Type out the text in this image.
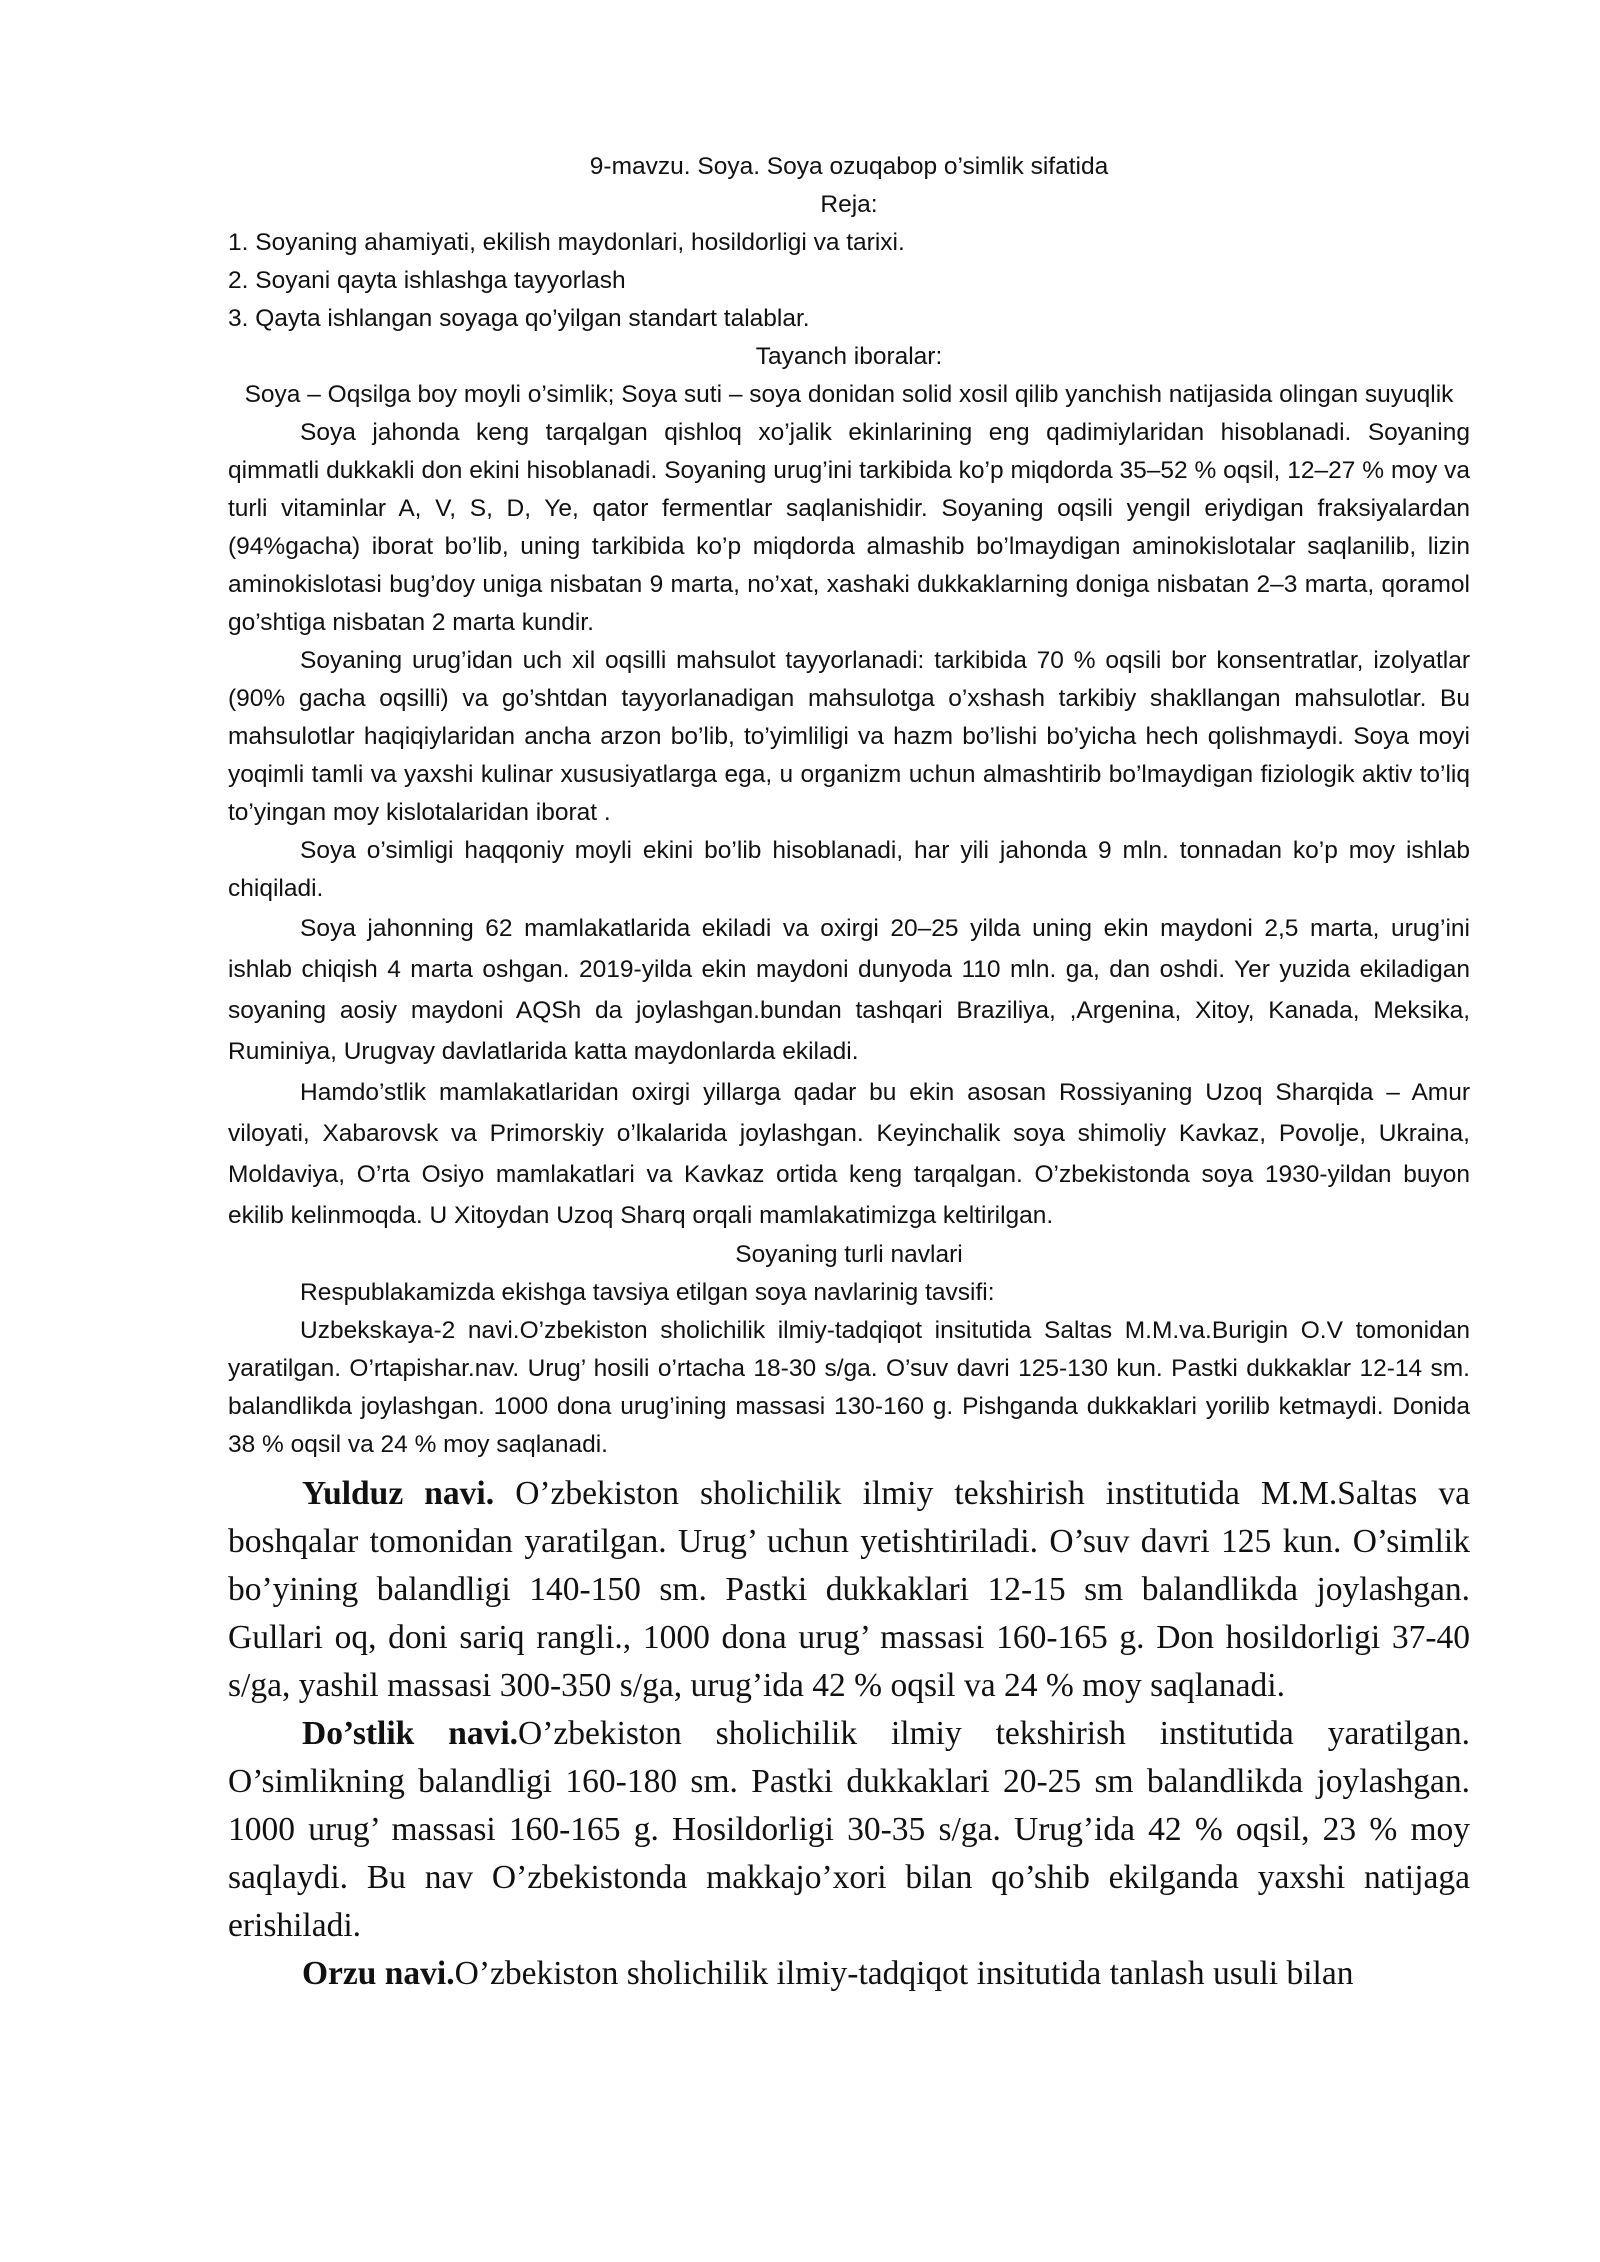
9-mavzu. Soya. Soya ozuqabop o’simlik sifatida

Reja:

1. Soyaning ahamiyati, ekilish maydonlari, hosildorligi va tarixi.

2. Soyani qayta ishlashga tayyorlash

3. Qayta ishlangan soyaga qo’yilgan standart talablar.

Tayanch iboralar:

Soya – Oqsilga boy moyli o’simlik; Soya suti – soya donidan solid xosil qilib yanchish natijasida olingan suyuqlik

Soya jahonda keng tarqalgan qishloq xo’jalik ekinlarining eng qadimiylaridan hisoblanadi. Soyaning qimmatli dukkakli don ekini hisoblanadi. Soyaning urug’ini tarkibida ko’p miqdorda 35–52 % oqsil, 12–27 % moy va turli vitaminlar A, V, S, D, Ye, qator fermentlar saqlanishidir. Soyaning oqsili yengil eriydigan fraksiyalardan (94%gacha) iborat bo’lib, uning tarkibida ko’p miqdorda almashib bo’lmaydigan aminokislotalar saqlanilib, lizin aminokislotasi bug’doy uniga nisbatan 9 marta, no’xat, xashaki dukkaklarning doniga nisbatan 2–3 marta, qoramol go’shtiga nisbatan 2 marta kundir.

Soyaning urug’idan uch xil oqsilli mahsulot tayyorlanadi: tarkibida 70 % oqsili bor konsentratlar, izolyatlar (90% gacha oqsilli) va go’shtdan tayyorlanadigan mahsulotga o’xshash tarkibiy shakllangan mahsulotlar. Bu mahsulotlar haqiqiylaridan ancha arzon bo’lib, to’yimliligi va hazm bo’lishi bo’yicha hech qolishmaydi. Soya moyi yoqimli tamli va yaxshi kulinar xususiyatlarga ega, u organizm uchun almashtirib bo’lmaydigan fiziologik aktiv to’liq to’yingan moy kislotalaridan iborat .

Soya o’simligi haqqoniy moyli ekini bo’lib hisoblanadi, har yili jahonda 9 mln. tonnadan ko’p moy ishlab chiqiladi.

Soya jahonning 62 mamlakatlarida ekiladi va oxirgi 20–25 yilda uning ekin maydoni 2,5 marta, urug’ini ishlab chiqish 4 marta oshgan. 2019-yilda ekin maydoni dunyoda 110 mln. ga, dan oshdi. Yer yuzida ekiladigan soyaning aosiy maydoni AQSh da joylashgan.bundan tashqari Braziliya, ,Argenina, Xitoy, Kanada, Meksika, Ruminiya, Urugvay davlatlarida katta maydonlarda ekiladi.

Hamdo’stlik mamlakatlaridan oxirgi yillarga qadar bu ekin asosan Rossiyaning Uzoq Sharqida – Amur viloyati, Xabarovsk va Primorskiy o’lkalarida joylashgan. Keyinchalik soya shimoliy Kavkaz, Povolje, Ukraina, Moldaviya, O’rta Osiyo mamlakatlari va Kavkaz ortida keng tarqalgan. O’zbekistonda soya 1930-yildan buyon ekilib kelinmoqda. U Xitoydan Uzoq Sharq orqali mamlakatimizga keltirilgan.

Soyaning turli navlari

Respublakamizda ekishga tavsiya etilgan soya navlarinig tavsifi:

Uzbekskaya-2 navi.O’zbekiston sholichilik ilmiy-tadqiqot insitutida Saltas M.M.va.Burigin O.V tomonidan yaratilgan. O’rtapishar.nav. Urug’ hosili o’rtacha 18-30 s/ga. O’suv davri 125-130 kun. Pastki dukkaklar 12-14 sm. balandlikda joylashgan. 1000 dona urug’ining massasi 130-160 g. Pishganda dukkaklari yorilib ketmaydi. Donida 38 % oqsil va 24 % moy saqlanadi.

Yulduz navi. O’zbekiston sholichilik ilmiy tekshirish institutida M.M.Saltas va boshqalar tomonidan yaratilgan. Urug’ uchun yetishtiriladi. O’suv davri 125 kun. O’simlik bo’yining balandligi 140-150 sm. Pastki dukkaklari 12-15 sm balandlikda joylashgan. Gullari oq, doni sariq rangli., 1000 dona urug’ massasi 160-165 g. Don hosildorligi 37-40 s/ga, yashil massasi 300-350 s/ga, urug’ida 42 % oqsil va 24 % moy saqlanadi.

Do’stlik navi.O’zbekiston sholichilik ilmiy tekshirish institutida yaratilgan. O’simlikning balandligi 160-180 sm. Pastki dukkaklari 20-25 sm balandlikda joylashgan. 1000 urug’ massasi 160-165 g. Hosildorligi 30-35 s/ga. Urug’ida 42 % oqsil, 23 % moy saqlaydi. Bu nav O’zbekistonda makkajo’xori bilan qo’shib ekilganda yaxshi natijaga erishiladi.

Orzu navi.O’zbekiston sholichilik ilmiy-tadqiqot insitutida tanlash usuli bilan
